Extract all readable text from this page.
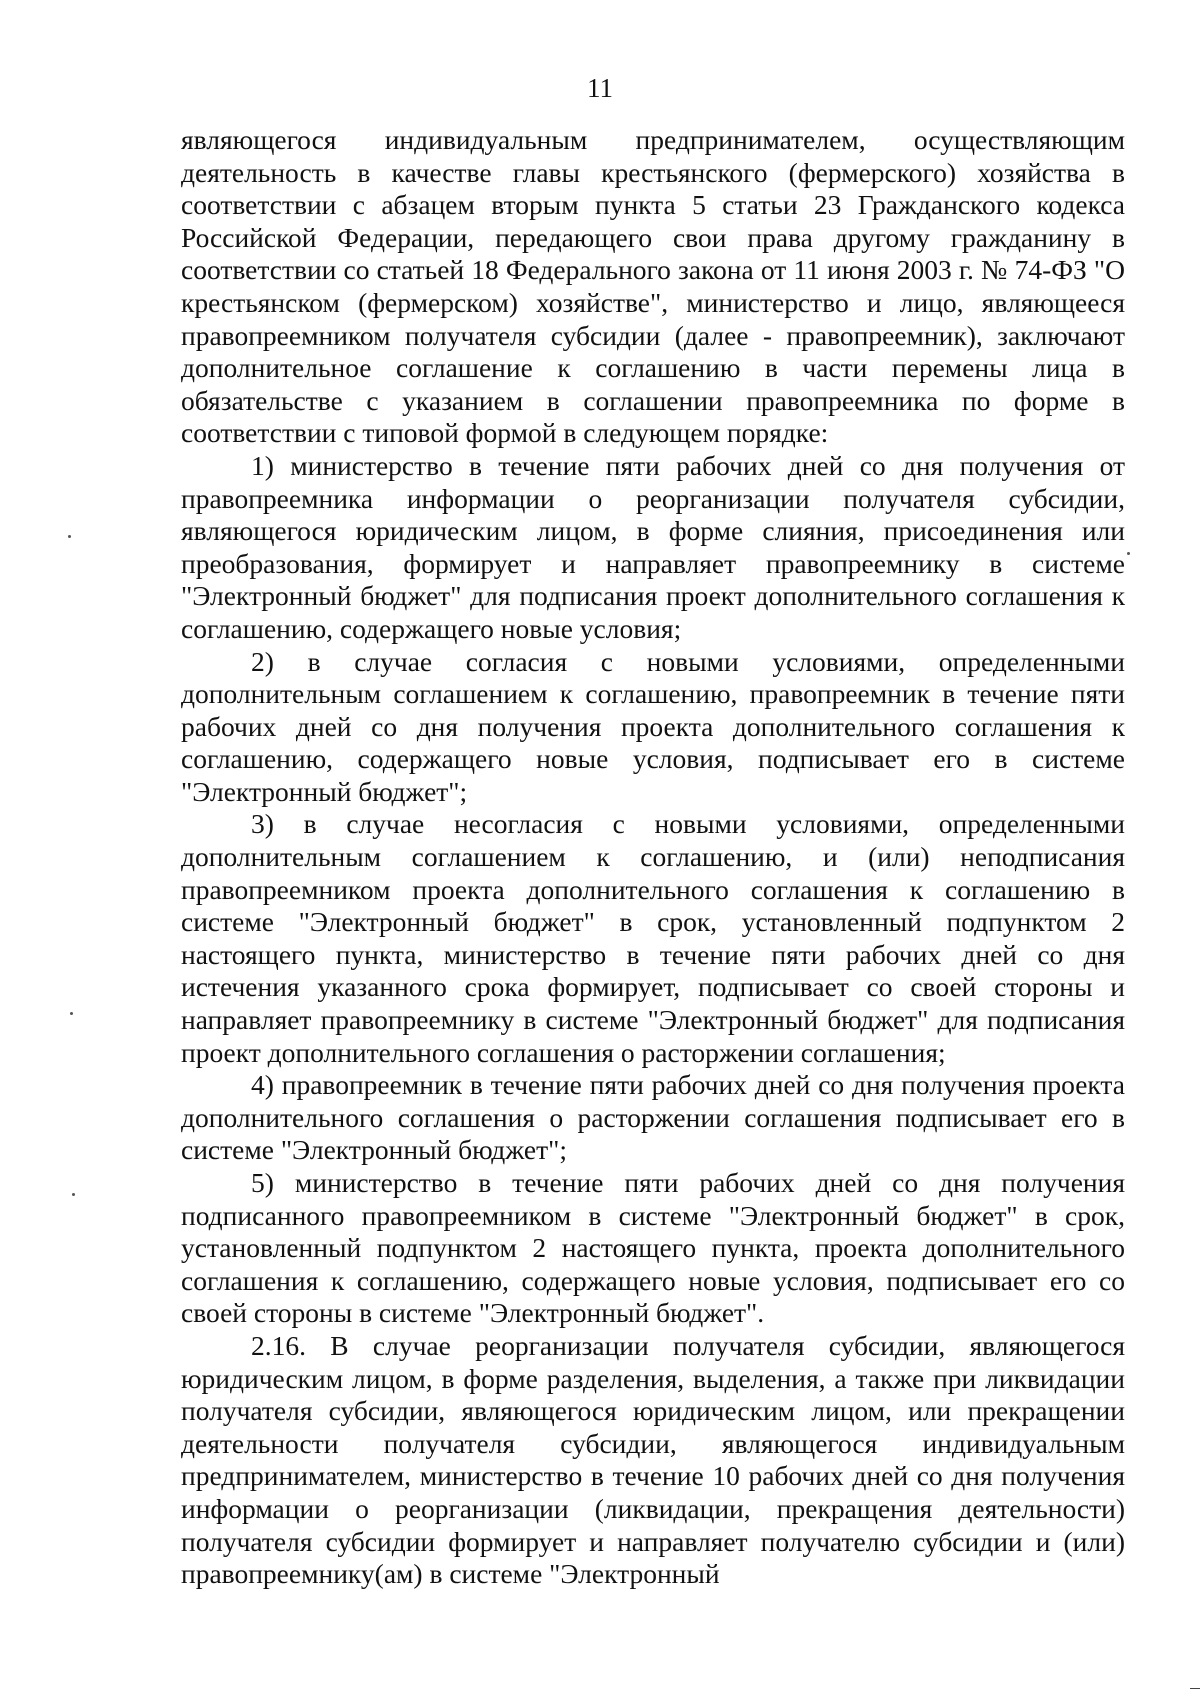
11

являющегося индивидуальным предпринимателем, осуществляющим деятельность в качестве главы крестьянского (фермерского) хозяйства в соответствии с абзацем вторым пункта 5 статьи 23 Гражданского кодекса Российской Федерации, передающего свои права другому гражданину в соответствии со статьей 18 Федерального закона от 11 июня 2003 г. № 74-ФЗ "О крестьянском (фермерском) хозяйстве", министерство и лицо, являющееся правопреемником получателя субсидии (далее - правопреемник), заключают дополнительное соглашение к соглашению в части перемены лица в обязательстве с указанием в соглашении правопреемника по форме в соответствии с типовой формой в следующем порядке:

1) министерство в течение пяти рабочих дней со дня получения от правопреемника информации о реорганизации получателя субсидии, являющегося юридическим лицом, в форме слияния, присоединения или преобразования, формирует и направляет правопреемнику в системе "Электронный бюджет" для подписания проект дополнительного соглашения к соглашению, содержащего новые условия;

2) в случае согласия с новыми условиями, определенными дополнительным соглашением к соглашению, правопреемник в течение пяти рабочих дней со дня получения проекта дополнительного соглашения к соглашению, содержащего новые условия, подписывает его в системе "Электронный бюджет";

3) в случае несогласия с новыми условиями, определенными дополнительным соглашением к соглашению, и (или) неподписания правопреемником проекта дополнительного соглашения к соглашению в системе "Электронный бюджет" в срок, установленный подпунктом 2 настоящего пункта, министерство в течение пяти рабочих дней со дня истечения указанного срока формирует, подписывает со своей стороны и направляет правопреемнику в системе "Электронный бюджет" для подписания проект дополнительного соглашения о расторжении соглашения;

4) правопреемник в течение пяти рабочих дней со дня получения проекта дополнительного соглашения о расторжении соглашения подписывает его в системе "Электронный бюджет";

5) министерство в течение пяти рабочих дней со дня получения подписанного правопреемником в системе "Электронный бюджет" в срок, установленный подпунктом 2 настоящего пункта, проекта дополнительного соглашения к соглашению, содержащего новые условия, подписывает его со своей стороны в системе "Электронный бюджет".

2.16. В случае реорганизации получателя субсидии, являющегося юридическим лицом, в форме разделения, выделения, а также при ликвидации получателя субсидии, являющегося юридическим лицом, или прекращении деятельности получателя субсидии, являющегося индивидуальным предпринимателем, министерство в течение 10 рабочих дней со дня получения информации о реорганизации (ликвидации, прекращения деятельности) получателя субсидии формирует и направляет получателю субсидии и (или) правопреемнику(ам) в системе "Электронный
